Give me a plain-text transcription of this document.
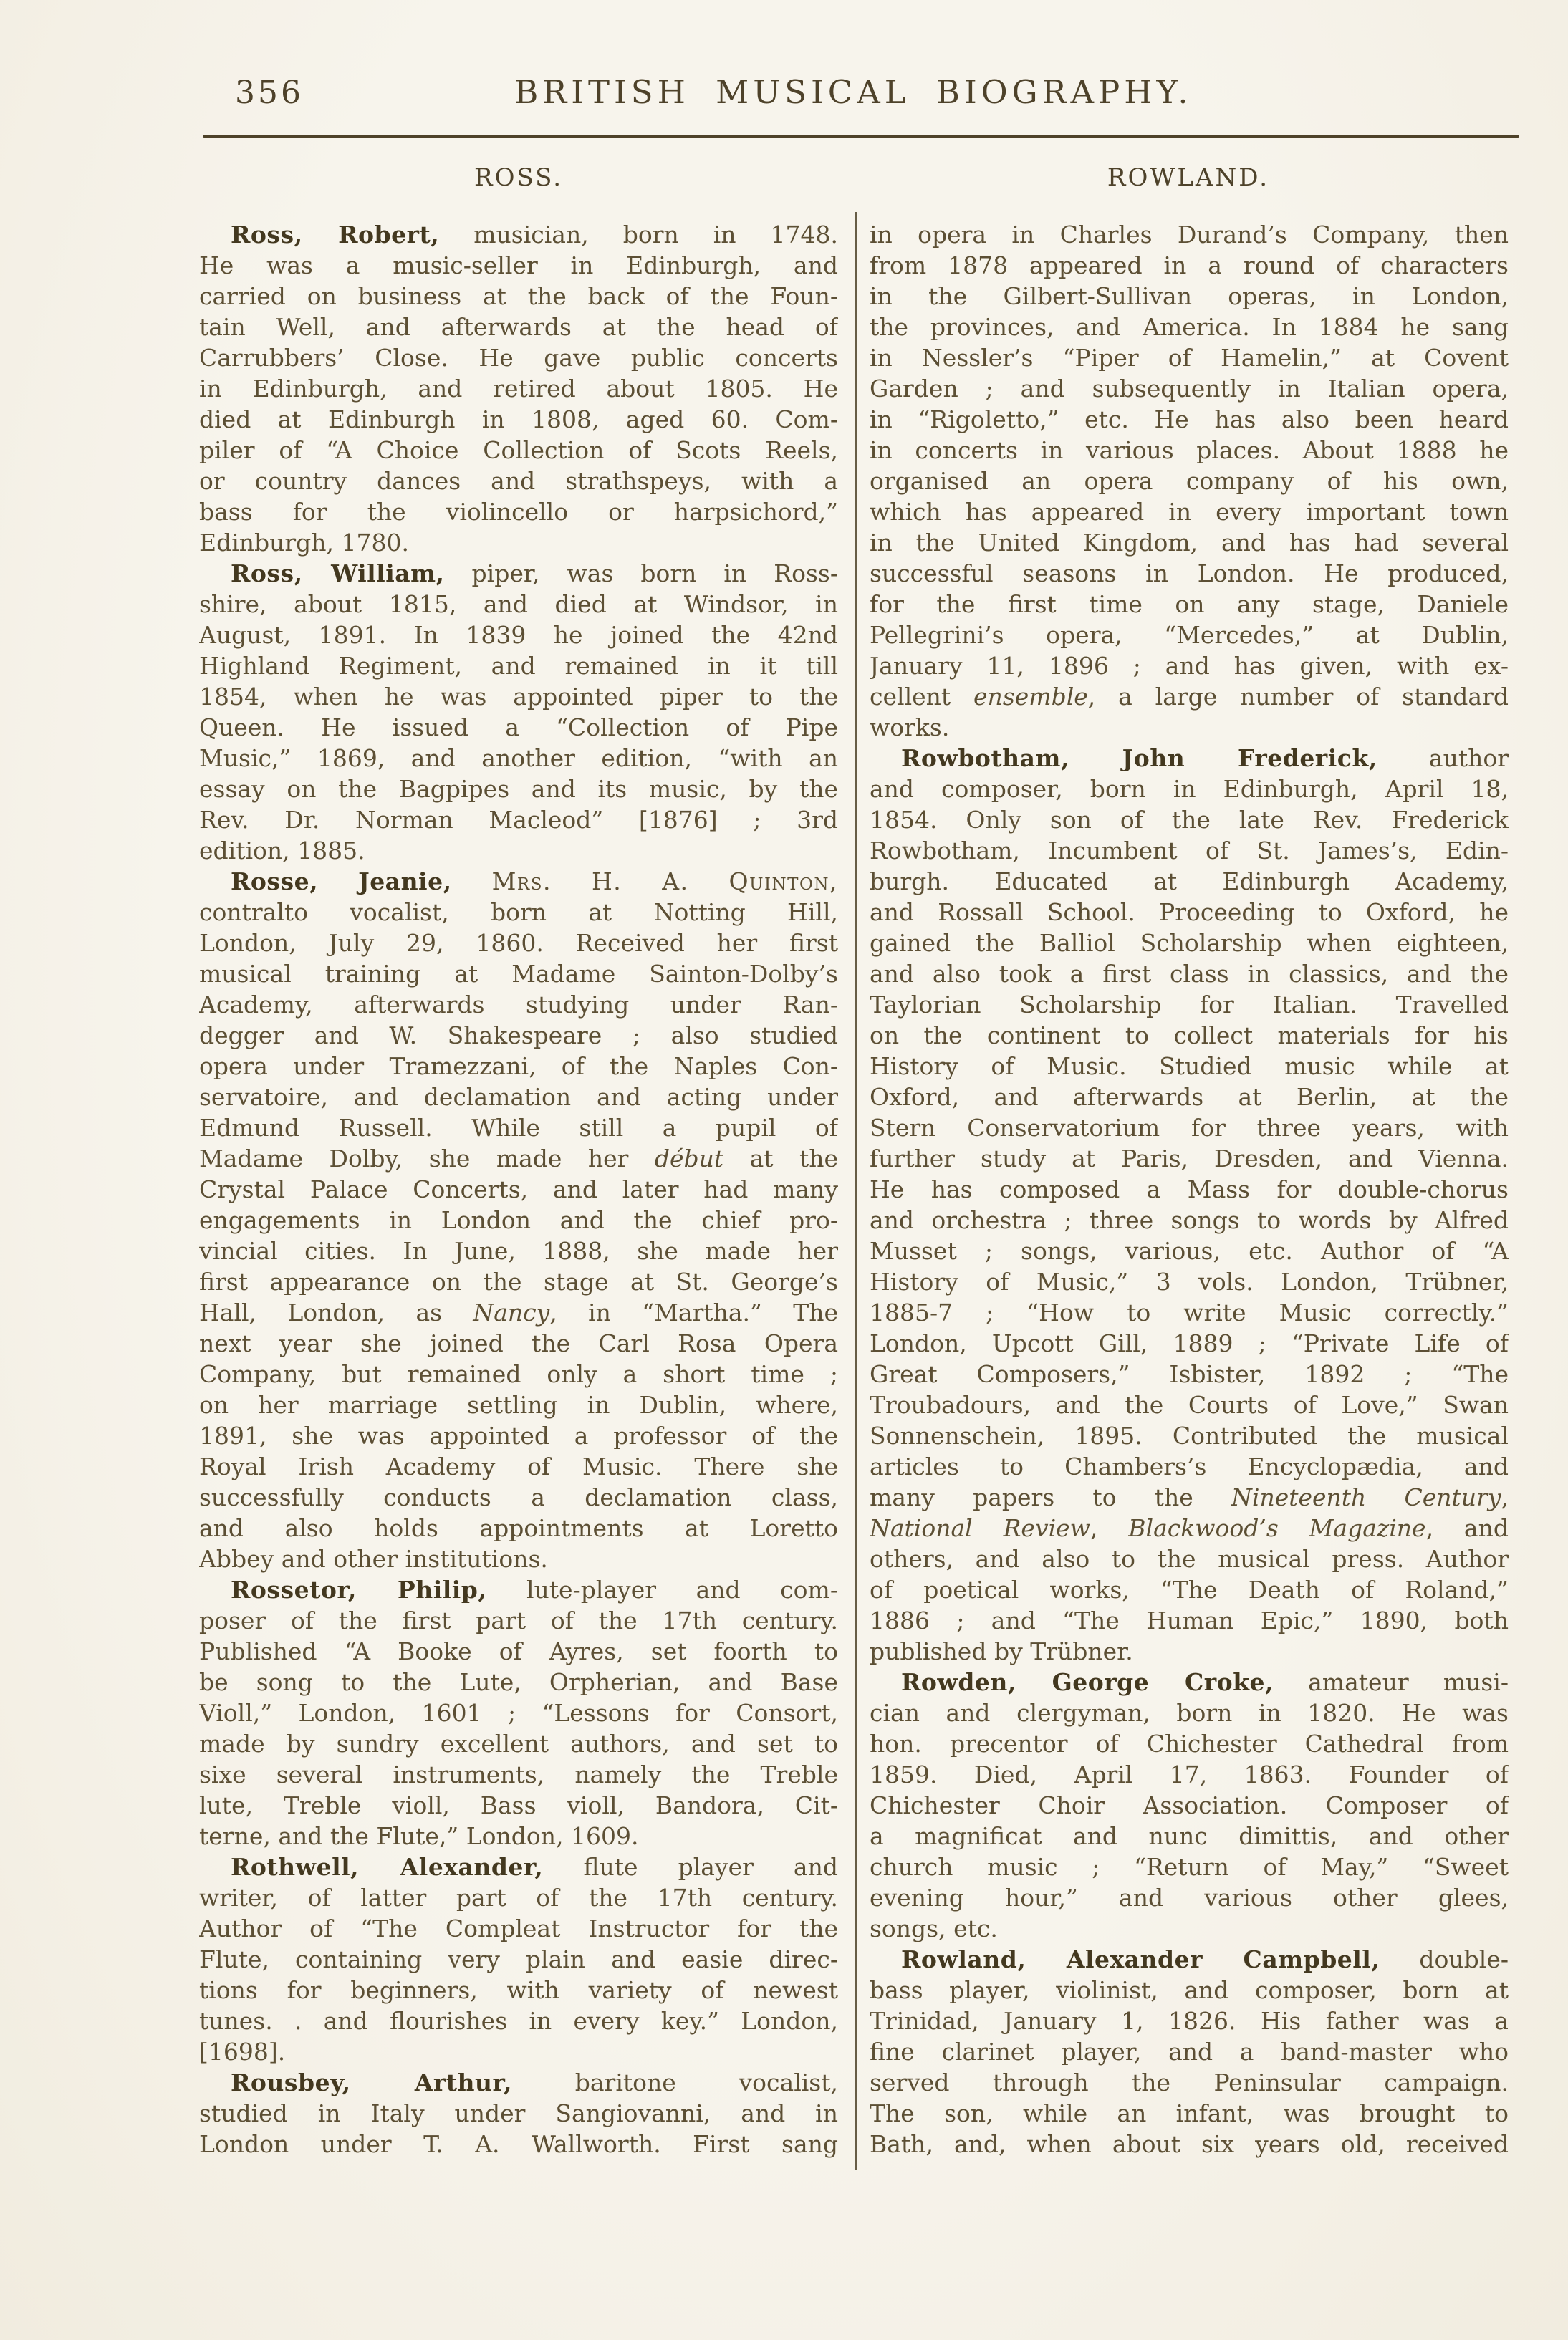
356	BRITISH MUSICAL BIOGRAPHY.
ROSS.	ROWLAND.
Ross, Robert, musician, born in 1748.
He was a music-seller in Edinburgh, and
carried on business at the back of the Foun-
tain Well, and afterwards at the head of
Carrubbers’ Close. He gave public concerts
in Edinburgh, and retired about 1805. He
died at Edinburgh in 1808, aged 60. Com-
piler of “A Choice Collection of Scots Reels,
or country dances and strathspeys, with a
bass for the violincello or harpsichord,”
Edinburgh, 1780.
Ross, William, piper, was born in Ross-
shire, about 1815, and died at Windsor, in
August, 1891. In 1839 he joined the 42nd
Highland Regiment, and remained in it till
1854, when he was appointed piper to the
Queen. He issued a “Collection of Pipe
Music,” 1869, and another edition, “with an
essay on the Bagpipes and its music, by the
Rev. Dr. Norman Macleod” [1876] ; 3rd
edition, 1885.
Rosse, Jeanie, Mrs. H. A. Quinton,
contralto vocalist, born at Notting Hill,
London, July 29, 1860. Received her first
musical training at Madame Sainton-Dolby’s
Academy, afterwards studying under Ran-
degger and W. Shakespeare ; also studied
opera under Tramezzani, of the Naples Con-
servatoire, and declamation and acting under
Edmund Russell. While still a pupil of
Madame Dolby, she made her début at the
Crystal Palace Concerts, and later had many
engagements in London and the chief pro-
vincial cities. In June, 1888, she made her
first appearance on the stage at St. George’s
Hall, London, as Nancy, in “Martha.” The
next year she joined the Carl Rosa Opera
Company, but remained only a short time ;
on her marriage settling in Dublin, where,
1891, she was appointed a professor of the
Royal Irish Academy of Music. There she
successfully conducts a declamation class,
and also holds appointments at Loretto
Abbey and other institutions.
Rossetor, Philip, lute-player and com-
poser of the first part of the 17th century.
Published “A Booke of Ayres, set foorth to
be song to the Lute, Orpherian, and Base
Violl,” London, 1601 ; “Lessons for Consort,
made by sundry excellent authors, and set to
sixe several instruments, namely the Treble
lute, Treble violl, Bass violl, Bandora, Cit-
terne, and the Flute,” London, 1609.
Rothwell, Alexander, flute player and
writer, of latter part of the 17th century.
Author of “The Compleat Instructor for the
Flute, containing very plain and easie direc-
tions for beginners, with variety of newest
tunes. . and flourishes in every key.” London,
[1698].
Rousbey, Arthur, baritone vocalist,
studied in Italy under Sangiovanni, and in
London under T. A. Wallworth. First sang
in opera in Charles Durand’s Company, then
from 1878 appeared in a round of characters
in the Gilbert-Sullivan operas, in London,
the provinces, and America. In 1884 he sang
in Nessler’s “Piper of Hamelin,” at Covent
Garden ; and subsequently in Italian opera,
in “Rigoletto,” etc. He has also been heard
in concerts in various places. About 1888 he
organised an opera company of his own,
which has appeared in every important town
in the United Kingdom, and has had several
successful seasons in London. He produced,
for the first time on any stage, Daniele
Pellegrini’s opera, “Mercedes,” at Dublin,
January 11, 1896 ; and has given, with ex-
cellent ensemble, a large number of standard
works.
Rowbotham, John Frederick, author
and composer, born in Edinburgh, April 18,
1854. Only son of the late Rev. Frederick
Rowbotham, Incumbent of St. James’s, Edin-
burgh. Educated at Edinburgh Academy,
and Rossall School. Proceeding to Oxford, he
gained the Balliol Scholarship when eighteen,
and also took a first class in classics, and the
Taylorian Scholarship for Italian. Travelled
on the continent to collect materials for his
History of Music. Studied music while at
Oxford, and afterwards at Berlin, at the
Stern Conservatorium for three years, with
further study at Paris, Dresden, and Vienna.
He has composed a Mass for double-chorus
and orchestra ; three songs to words by Alfred
Musset ; songs, various, etc. Author of “A
History of Music,” 3 vols. London, Trübner,
1885-7 ; “How to write Music correctly.”
London, Upcott Gill, 1889 ; “Private Life of
Great Composers,” Isbister, 1892 ; “The
Troubadours, and the Courts of Love,” Swan
Sonnenschein, 1895. Contributed the musical
articles to Chambers’s Encyclopædia, and
many papers to the Nineteenth Century,
National Review, Blackwood’s Magazine, and
others, and also to the musical press. Author
of poetical works, “The Death of Roland,”
1886 ; and “The Human Epic,” 1890, both
published by Trübner.
Rowden, George Croke, amateur musi-
cian and clergyman, born in 1820. He was
hon. precentor of Chichester Cathedral from
1859. Died, April 17, 1863. Founder of
Chichester Choir Association. Composer of
a magnificat and nunc dimittis, and other
church music ; “Return of May,” “Sweet
evening hour,” and various other glees,
songs, etc.
Rowland, Alexander Campbell, double-
bass player, violinist, and composer, born at
Trinidad, January 1, 1826. His father was a
fine clarinet player, and a band-master who
served through the Peninsular campaign.
The son, while an infant, was brought to
Bath, and, when about six years old, received
